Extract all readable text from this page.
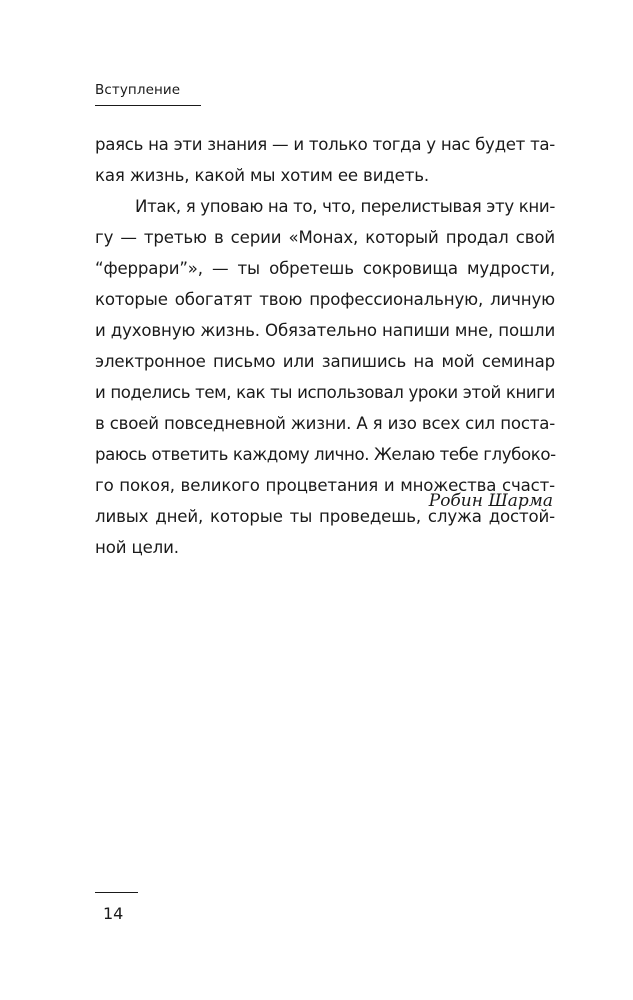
Вступление
раясь на эти знания — и только тогда у нас будет та-
кая жизнь, какой мы хотим ее видеть.
Итак, я уповаю на то, что, перелистывая эту кни-
гу — третью в серии «Монах, который продал свой
“феррари”», — ты обретешь сокровища мудрости,
которые обогатят твою профессиональную, личную
и духовную жизнь. Обязательно напиши мне, пошли
электронное письмо или запишись на мой семинар
и поделись тем, как ты использовал уроки этой книги
в своей повседневной жизни. А я изо всех сил поста-
раюсь ответить каждому лично. Желаю тебе глубоко-
го покоя, великого процветания и множества счаст-
ливых дней, которые ты проведешь, служа достой-
ной цели.
Робин Шарма
14
